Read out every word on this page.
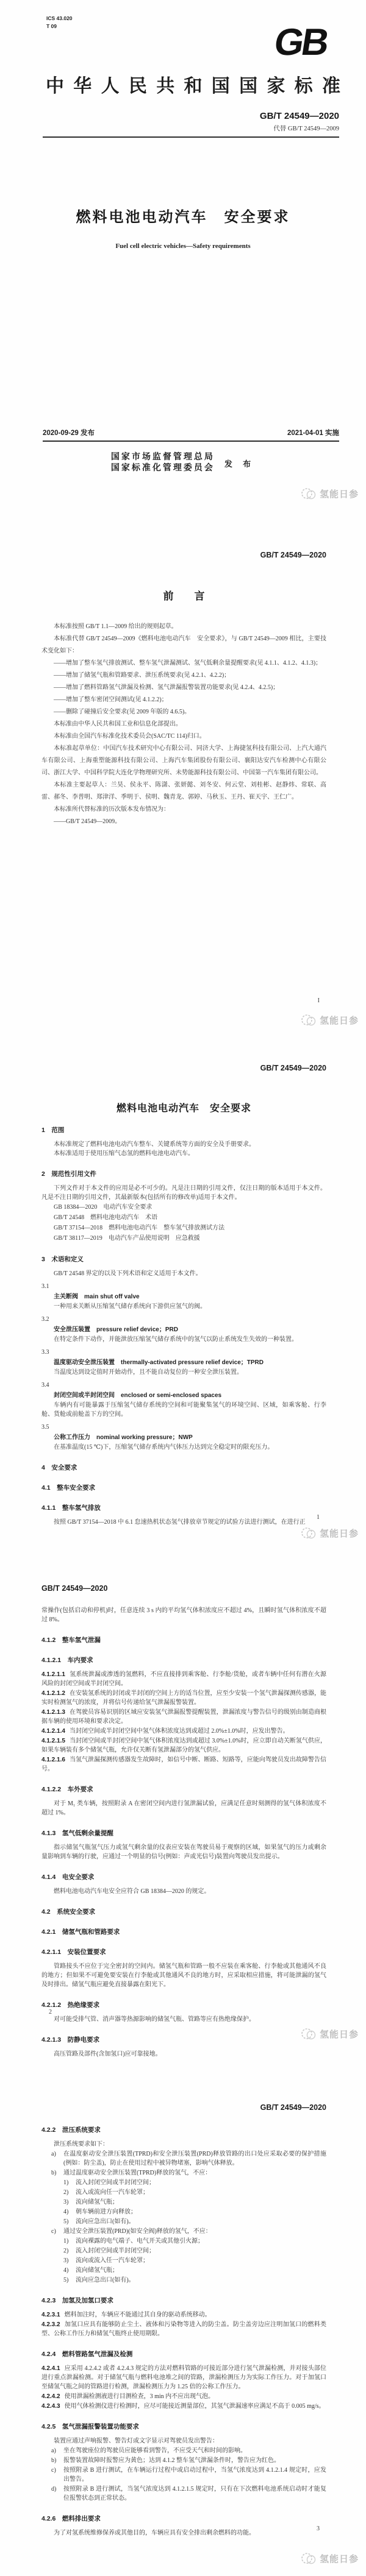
ICS 43.020
T 09	GB
中 华 人 民 共 和 国 国 家 标 准
GB/T 24549—2020
代替 GB/T 24549—2009
燃料电池电动汽车　安全要求
Fuel cell electric vehicles—Safety requirements
2020-09-29 发布	2021-04-01 实施
国家市场监督管理总局
国家标准化管理委员会 发 布
氢能日参
GB/T 24549—2020
前　　言
本标准按照 GB/T 1.1—2009 给出的规则起草。
本标准代替 GB/T 24549—2009《燃料电池电动汽车　安全要求》，与 GB/T 24549—2009 相比，主要技术变化如下：
——增加了整车氢气排放测试、整车氢气泄漏测试、氢气低剩余量提醒要求(见 4.1.1、4.1.2、4.1.3)；
——增加了储氢气瓶和管路要求、泄压系统要求(见 4.2.1、4.2.2)；
——增加了燃料管路氢气泄漏及检测、氢气泄漏报警装置功能要求(见 4.2.4、4.2.5)；
——增加了整车密闭空间测试(见 4.1.2.2)；
——删除了碰撞后安全要求(见 2009 年版的 4.6.5)。
本标准由中华人民共和国工业和信息化部提出。
本标准由全国汽车标准化技术委员会(SAC/TC 114)归口。
本标准起草单位：中国汽车技术研究中心有限公司、同济大学、上海捷氢科技有限公司、上汽大通汽车有限公司、上海重塑能源科技有限公司、上海汽车集团股份有限公司、襄阳达安汽车检测中心有限公司、浙江大学、中国科学院大连化学物理研究所、未势能源科技有限公司、中国第一汽车集团有限公司。
本标准主要起草人：兰昊、侯永平、陈潇、张妍懿、刘冬安、何云堂、刘桂彬、赵静炜、常联、高雷、郝冬、李普明、郑津洋、季明于、侯明、魏青龙、郭婷、马秋玉、王丹、崔天宇、王仁广。
本标准所代替标准的历次版本发布情况为：
——GB/T 24549—2009。
I
氢能日参
GB/T 24549—2020
燃料电池电动汽车　安全要求
1　范围
本标准规定了燃料电池电动汽车整车、关键系统等方面的安全及手册要求。
本标准适用于使用压缩气态氢的燃料电池电动汽车。
2　规范性引用文件
下列文件对于本文件的应用是必不可少的。凡是注日期的引用文件，仅注日期的版本适用于本文件。凡是不注日期的引用文件，其最新版本(包括所有的修改单)适用于本文件。
GB 18384—2020　电动汽车安全要求
GB/T 24548　燃料电池电动汽车　术语
GB/T 37154—2018　燃料电池电动汽车　整车氢气排放测试方法
GB/T 38117—2019　电动汽车产品使用说明　应急救援
3　术语和定义
GB/T 24548 界定的以及下列术语和定义适用于本文件。
3.1
主关断阀　main shut off valve
一种用来关断从压缩氢气储存系统向下游供应氢气的阀。
3.2
安全泄压装置　pressure relief device；PRD
在特定条件下动作，并能泄放压缩氢气储存系统中的氢气以防止系统发生失效的一种装置。
3.3
温度驱动安全泄压装置　thermally-activated pressure relief device；TPRD
当温度达到设定值时开始动作，且不能自动复位的一种安全泄压装置。
3.4
封闭空间或半封闭空间　enclosed or semi-enclosed spaces
车辆内有可能暴露于压缩氢气储存系统的空间和可能聚集氢气的环境空间、区域，如乘客舱、行李舱、货舱或前舱盖下方的空间。
3.5
公称工作压力　nominal working pressure；NWP
在基准温度(15 ℃)下，压缩氢气储存系统内气体压力达到完全稳定时的限充压力。
4　安全要求
4.1　整车安全要求
4.1.1　整车氢气排放
按照 GB/T 37154—2018 中 6.1 怠速热机状态氢气排放章节规定的试验方法进行测试，在进行正
1
氢能日参
GB/T 24549—2020
常操作(包括启动和停机)时，任意连续 3 s 内的平均氢气体积浓度应不超过 4%，且瞬时氢气体积浓度不超过 8%。
4.1.2　整车氢气泄漏
4.1.2.1　车内要求
4.1.2.1.1 氢系统泄漏或渗透的氢燃料，不应直接排到乘客舱、行李舱/货舱，或者车辆中任何有潜在火源风险的封闭空间或半封闭空间。
4.1.2.1.2 在安装氢系统的封闭或半封闭的空间上方的适当位置，应至少安装一个氢气泄漏探测传感器，能实时检测氢气的浓度，并将信号传递给氢气泄漏报警装置。
4.1.2.1.3 在驾驶员容易识别的区域应安装氢气泄漏报警提醒装置，泄漏浓度与警告信号的级别由制造商根据车辆的使用环境和要求决定。
4.1.2.1.4 当封闭空间或半封闭空间中氢气体积浓度达到或超过 2.0%±1.0%时，应发出警告。
4.1.2.1.5 当封闭空间或半封闭空间中氢气体积浓度达到或超过 3.0%±1.0%时，应立即自动关断氢气供应，如果车辆装有多个储氢气瓶，允许仅关断有氢泄漏部分的氢气供应。
4.1.2.1.6 当氢气泄漏探测传感器发生故障时，如信号中断、断路、短路等，应能向驾驶员发出故障警告信号。
4.1.2.2　车外要求
对于 M₁ 类车辆，按照附录 A 在密闭空间内进行氢泄漏试验，应满足任意时刻测得的氢气体积浓度不超过 1%。
4.1.3　氢气低剩余量提醒
指示储氢气瓶氢气压力或氢气剩余量的仪表应安装在驾驶员易于观察的区域，如果氢气的压力或剩余量影响到车辆的行驶，应通过一个明显的信号(例如：声或光信号)装置向驾驶员发出提示。
4.1.4　电安全要求
燃料电池电动汽车电安全应符合 GB 18384—2020 的规定。
4.2　系统安全要求
4.2.1　储氢气瓶和管路要求
4.2.1.1　安装位置要求
管路接头不应位于完全密封的空间内。储氢气瓶和管路一般不应装在乘客舱、行李舱或其他通风不良的地方；但如果不可避免要安装在行李舱或其他通风不良的地方时，应采取相应措施，将可能泄漏的氢气及时排出。储氢气瓶应避免直接暴露在阳光下。
4.2.1.2　热绝缘要求
对可能受排气管、消声器等热源影响的储氢气瓶、管路等应有热绝缘保护。
4.2.1.3　防静电要求
高压管路及部件(含加氢口)应可靠接地。
2
氢能日参
GB/T 24549—2020
4.2.2　泄压系统要求
泄压系统要求如下：
a)	在温度驱动安全泄压装置(TPRD)和安全泄压装置(PRD)释放管路的出口处应采取必要的保护措施(例如：防尘盖)，防止在使用过程中被异物堵塞，影响气体释放。
b)	通过温度驱动安全泄压装置(TPRD)释放的氢气，不应：
1)	流入封闭空间或半封闭空间；
2)	流入或流向任一汽车轮罩；
3)	流向储氢气瓶；
4)	朝车辆前进方向释放；
5)	流向应急出口(如有)。
c)	通过安全泄压装置(PRD)(如安全阀)释放的氢气，不应：
1)	流向裸露的电气端子、电气开关或其他引火源；
2)	流入封闭空间或半封闭空间；
3)	流向或流入任一汽车轮罩；
4)	流向储氢气瓶；
5)	流向应急出口(如有)。
4.2.3　加氢及加氢口要求
4.2.3.1 燃料加注时，车辆应不能通过其自身的驱动系统移动。
4.2.3.2 加氢口应具有能够防止尘土、液体和污染物等进入的防尘盖。防尘盖旁边应注明加氢口的燃料类型、公称工作压力和储氢气瓶终止使用期限。
4.2.4　燃料管路氢气泄漏及检测
4.2.4.1 应采用 4.2.4.2 或者 4.2.4.3 规定的方法对燃料管路的可接近部分进行氢气泄漏检测，并对接头部位进行重点泄漏检测。对于储氢气瓶与燃料电池堆之间的管路，泄漏检测压力为实际工作压力。对于加氢口至储氢气瓶之间的管路进行检测，泄漏检测压力为 1.25 倍的公称工作压力。
4.2.4.2 使用泄漏检测液进行目测检查，3 min 内不应出现气泡。
4.2.4.3 使用气体检测仪进行检测时，应尽可能接近测量部位，其氢气泄漏速率应满足不高于 0.005 mg/s。
4.2.5　氢气泄漏报警装置功能要求
装置应通过声响报警、警告灯或文字显示对驾驶员发出警告：
a)	坐在驾驶座位的驾驶员应能够看到警告，不应受天气和时间的影响。
b)	报警装置故障时报警应为黄色；达到 4.1.2 整车氢气泄漏条件时，警告应为红色。
c)	按照附录 B 进行测试，在车辆运行过程中或启动过程中，当氢气浓度达到 4.1.2.1.4 规定时，应发出警告。
d)	按照附录 B 进行测试，当氢气浓度达到 4.1.2.1.5 规定时，只有在下次燃料电池系统启动时才能复位报警状态到正常状态。
4.2.6　燃料排出要求
为了对氢系统维修保养或其他目的，车辆应具有安全排出剩余燃料的功能。
3
氢能日参
